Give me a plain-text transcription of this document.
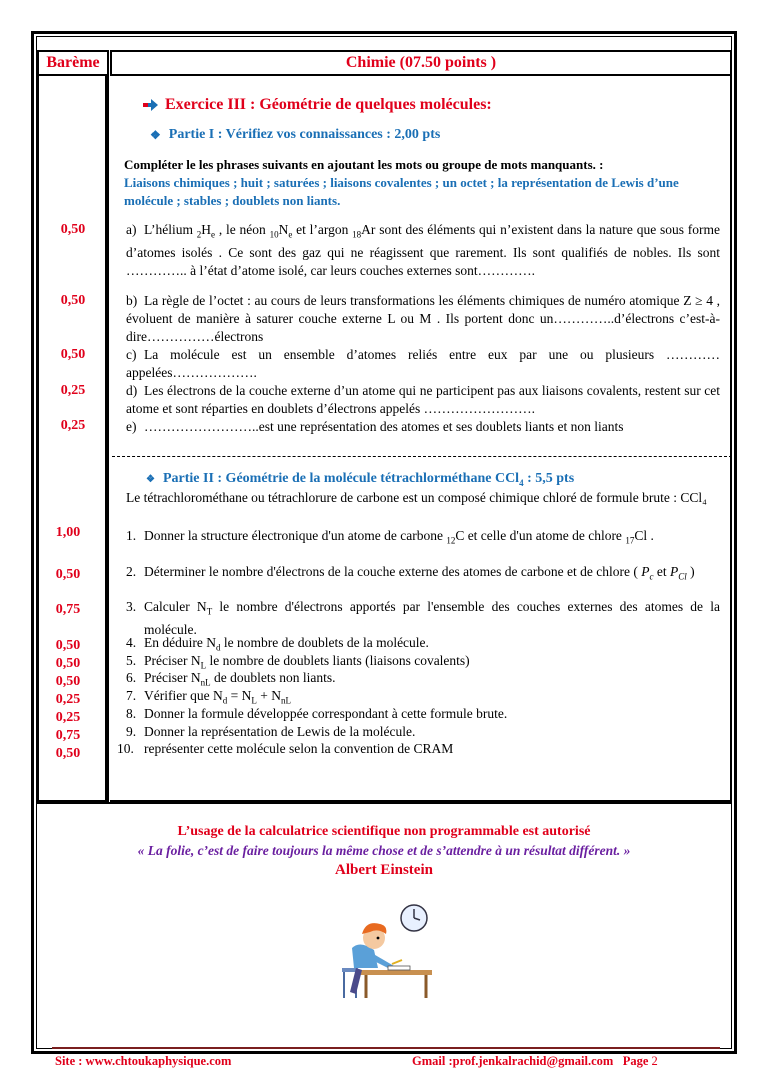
Barème	Chimie (07.50 points )
0,50
0,50
0,50
0,25
0,25
1,00
0,50
0,75
0,50
0,50
0,50
0,25
0,25
0,75
0,50
Exercice III : Géométrie de quelques molécules:
❖ Partie I : Vérifiez vos connaissances : 2,00 pts
Compléter le les phrases suivants en ajoutant les mots ou groupe de mots manquants. :
Liaisons chimiques ; huit ; saturées ; liaisons covalentes ; un octet ; la représentation de Lewis d’une molécule ; stables ; doublets non liants.
a) L’hélium $_2H_e$ , le néon $_{10}N_e$ et l’argon $_{18}$Ar sont des éléments qui n’existent dans la nature que sous forme d’atomes isolés . Ce sont des gaz qui ne réagissent que rarement. Ils sont qualifiés de nobles. Ils sont ………….. à l’état d’atome isolé, car leurs couches externes sont………….
b) La règle de l’octet : au cours de leurs transformations les éléments chimiques de numéro atomique Z ≥ 4 , évoluent de manière à saturer couche externe L ou M . Ils portent donc un…………..d’électrons c’est-à-dire……………électrons
c) La molécule est un ensemble d’atomes reliés entre eux par une ou plusieurs …………appelées……………….
d) Les électrons de la couche externe d’un atome qui ne participent pas aux liaisons covalents, restent sur cet atome et sont réparties en doublets d’électrons appelés …………………….
e) ……………………..est une représentation des atomes et ses doublets liants et non liants
❖ Partie II : Géométrie de la molécule tétrachlorméthane CCl$_4$ : 5,5 pts
Le tétrachlorométhane ou tétrachlorure de carbone est un composé chimique chloré de formule brute : CCl₄
1. Donner la structure électronique d'un atome de carbone $_{12}$C et celle d'un atome de chlore $_{17}$Cl .
2. Déterminer le nombre d'électrons de la couche externe des atomes de carbone et de chlore ( $P_c$ et $P_{Cl}$ )
3. Calculer $N_T$ le nombre d'électrons apportés par l'ensemble des couches externes des atomes de la molécule.
4. En déduire $N_d$ le nombre de doublets de la molécule.
5. Préciser $N_L$ le nombre de doublets liants (liaisons covalents)
6. Préciser $N_{nL}$ de doublets non liants.
7. Vérifier que $N_d = N_L + N_{nL}$
8. Donner la formule développée correspondant à cette formule brute.
9. Donner la représentation de Lewis de la molécule.
10. représenter cette molécule selon la convention de CRAM
L’usage de la calculatrice scientifique non programmable est autorisé
« La folie, c’est de faire toujours la même chose et de s’attendre à un résultat différent. »
Albert Einstein
Site : www.chtoukaphysique.com	Gmail :prof.jenkalrachid@gmail.com Page 2
